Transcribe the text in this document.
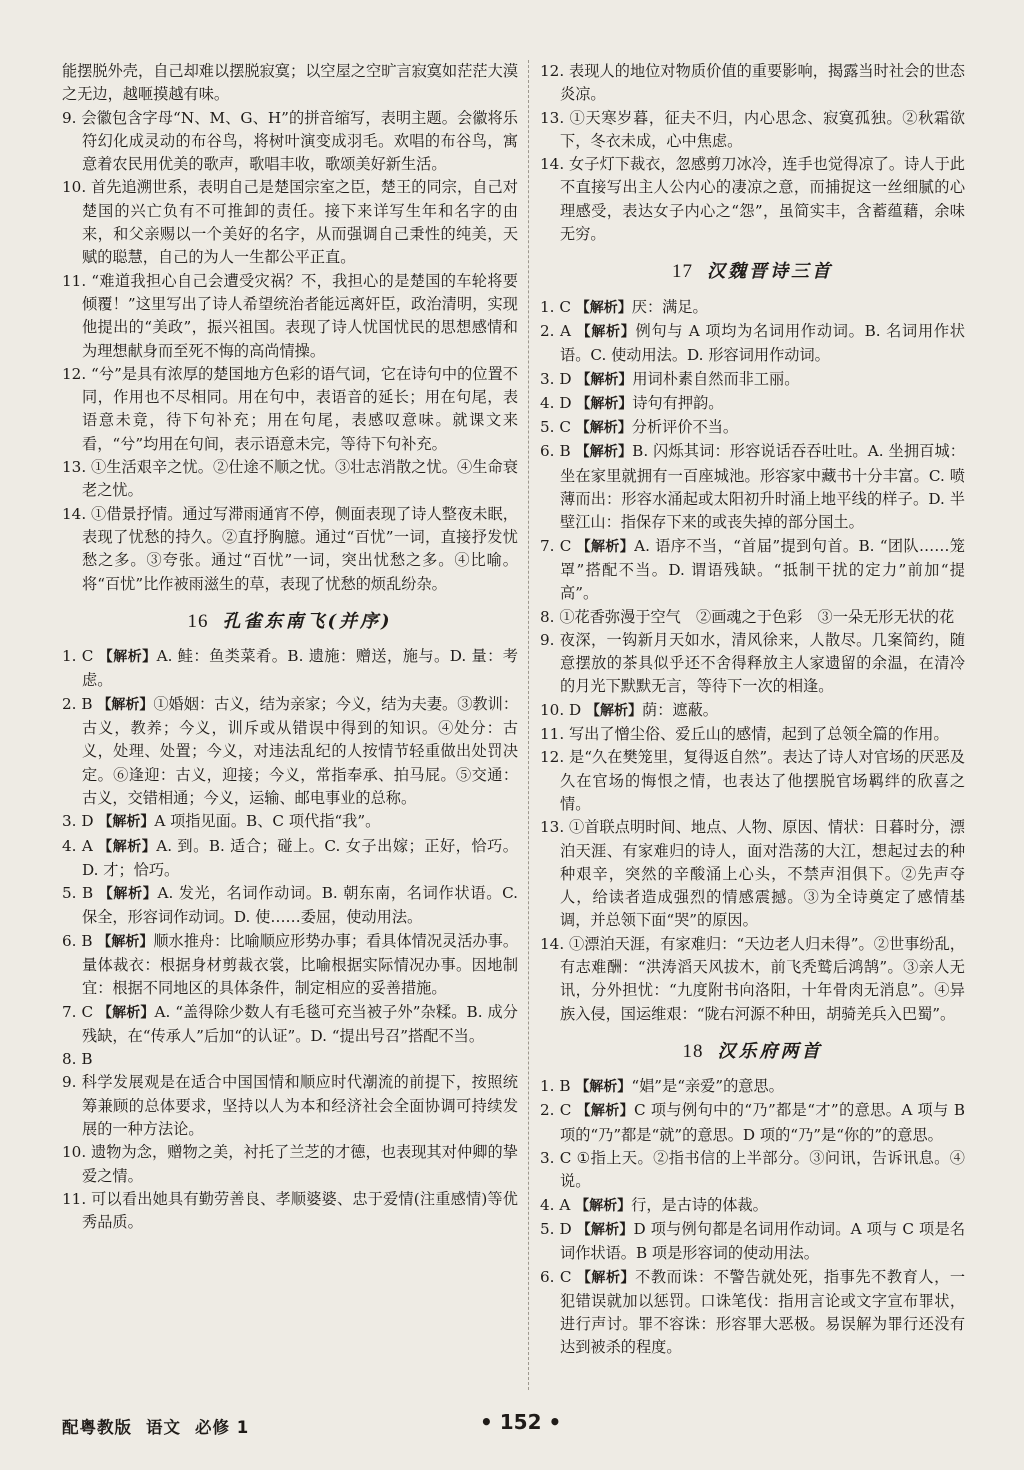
能摆脱外壳，自己却难以摆脱寂寞；以空屋之空旷言寂寞如茫茫大漠之无边，越咂摸越有味。

9. 会徽包含字母“N、M、G、H”的拼音缩写，表明主题。会徽将乐符幻化成灵动的布谷鸟，将树叶演变成羽毛。欢唱的布谷鸟，寓意着农民用优美的歌声，歌唱丰收，歌颂美好新生活。

10. 首先追溯世系，表明自己是楚国宗室之臣，楚王的同宗，自己对楚国的兴亡负有不可推卸的责任。接下来详写生年和名字的由来，和父亲赐以一个美好的名字，从而强调自己秉性的纯美，天赋的聪慧，自己的为人一生都公平正直。

11. “难道我担心自己会遭受灾祸？不，我担心的是楚国的车轮将要倾覆！”这里写出了诗人希望统治者能远离奸臣，政治清明，实现他提出的“美政”，振兴祖国。表现了诗人忧国忧民的思想感情和为理想献身而至死不悔的高尚情操。

12. “兮”是具有浓厚的楚国地方色彩的语气词，它在诗句中的位置不同，作用也不尽相同。用在句中，表语音的延长；用在句尾，表语意未竟，待下句补充；用在句尾，表感叹意味。就课文来看，“兮”均用在句间，表示语意未完，等待下句补充。

13. ①生活艰辛之忧。②仕途不顺之忧。③壮志消散之忧。④生命衰老之忧。

14. ①借景抒情。通过写滞雨通宵不停，侧面表现了诗人整夜未眠，表现了忧愁的持久。②直抒胸臆。通过“百忧”一词，直接抒发忧愁之多。③夸张。通过“百忧”一词，突出忧愁之多。④比喻。将“百忧”比作被雨滋生的草，表现了忧愁的烦乱纷杂。

16 孔雀东南飞(并序)

1. C 【解析】A. 鲑：鱼类菜肴。B. 遗施：赠送，施与。D. 量：考虑。

2. B 【解析】①婚姻：古义，结为亲家；今义，结为夫妻。③教训：古义，教养；今义，训斥或从错误中得到的知识。④处分：古义，处理、处置；今义，对违法乱纪的人按情节轻重做出处罚决定。⑥逢迎：古义，迎接；今义，常指奉承、拍马屁。⑤交通：古义，交错相通；今义，运输、邮电事业的总称。

3. D 【解析】A 项指见面。B、C 项代指“我”。

4. A 【解析】A. 到。B. 适合；碰上。C. 女子出嫁；正好，恰巧。D. 才；恰巧。

5. B 【解析】A. 发光，名词作动词。B. 朝东南，名词作状语。C. 保全，形容词作动词。D. 使……委屈，使动用法。

6. B 【解析】顺水推舟：比喻顺应形势办事；看具体情况灵活办事。量体裁衣：根据身材剪裁衣裳，比喻根据实际情况办事。因地制宜：根据不同地区的具体条件，制定相应的妥善措施。

7. C 【解析】A. “盖得除少数人有毛毯可充当被子外”杂糅。B. 成分残缺，在“传承人”后加“的认证”。D. “提出号召”搭配不当。

8. B

9. 科学发展观是在适合中国国情和顺应时代潮流的前提下，按照统筹兼顾的总体要求，坚持以人为本和经济社会全面协调可持续发展的一种方法论。

10. 遗物为念，赠物之美，衬托了兰芝的才德，也表现其对仲卿的挚爱之情。

11. 可以看出她具有勤劳善良、孝顺婆婆、忠于爱情(注重感情)等优秀品质。

12. 表现人的地位对物质价值的重要影响，揭露当时社会的世态炎凉。

13. ①天寒岁暮，征夫不归，内心思念、寂寞孤独。②秋霜欲下，冬衣未成，心中焦虑。

14. 女子灯下裁衣，忽感剪刀冰冷，连手也觉得凉了。诗人于此不直接写出主人公内心的凄凉之意，而捕捉这一丝细腻的心理感受，表达女子内心之“怨”，虽简实丰，含蓄蕴藉，余味无穷。

17 汉魏晋诗三首

1. C 【解析】厌：满足。

2. A 【解析】例句与 A 项均为名词用作动词。B. 名词用作状语。C. 使动用法。D. 形容词用作动词。

3. D 【解析】用词朴素自然而非工丽。

4. D 【解析】诗句有押韵。

5. C 【解析】分析评价不当。

6. B 【解析】B. 闪烁其词：形容说话吞吞吐吐。A. 坐拥百城：坐在家里就拥有一百座城池。形容家中藏书十分丰富。C. 喷薄而出：形容水涌起或太阳初升时涌上地平线的样子。D. 半壁江山：指保存下来的或丧失掉的部分国土。

7. C 【解析】A. 语序不当，“首届”提到句首。B. “团队……笼罩”搭配不当。D. 谓语残缺。“抵制干扰的定力”前加“提高”。

8. ①花香弥漫于空气　②画魂之于色彩　③一朵无形无状的花

9. 夜深，一钩新月天如水，清风徐来，人散尽。几案简约，随意摆放的茶具似乎还不舍得释放主人家遗留的余温，在清冷的月光下默默无言，等待下一次的相逢。

10. D 【解析】荫：遮蔽。

11. 写出了憎尘俗、爱丘山的感情，起到了总领全篇的作用。

12. 是“久在樊笼里，复得返自然”。表达了诗人对官场的厌恶及久在官场的悔恨之情，也表达了他摆脱官场羁绊的欣喜之情。

13. ①首联点明时间、地点、人物、原因、情状：日暮时分，漂泊天涯、有家难归的诗人，面对浩荡的大江，想起过去的种种艰辛，突然的辛酸涌上心头，不禁声泪俱下。②先声夺人，给读者造成强烈的情感震撼。③为全诗奠定了感情基调，并总领下面“哭”的原因。

14. ①漂泊天涯，有家难归：“天边老人归未得”。②世事纷乱，有志难酬：“洪涛滔天风拔木，前飞秃鹫后鸿鹄”。③亲人无讯，分外担忧：“九度附书向洛阳，十年骨肉无消息”。④异族入侵，国运维艰：“陇右河源不种田，胡骑羌兵入巴蜀”。

18 汉乐府两首

1. B 【解析】“娼”是“亲爱”的意思。

2. C 【解析】C 项与例句中的“乃”都是“才”的意思。A 项与 B 项的“乃”都是“就”的意思。D 项的“乃”是“你的”的意思。

3. C ①指上天。②指书信的上半部分。③问讯，告诉讯息。④说。

4. A 【解析】行，是古诗的体裁。

5. D 【解析】D 项与例句都是名词用作动词。A 项与 C 项是名词作状语。B 项是形容词的使动用法。

6. C 【解析】不教而诛：不警告就处死，指事先不教育人，一犯错误就加以惩罚。口诛笔伐：指用言论或文字宣布罪状，进行声讨。罪不容诛：形容罪大恶极。易误解为罪行还没有达到被杀的程度。

配粤教版 语文 必修 1	• 152 •
